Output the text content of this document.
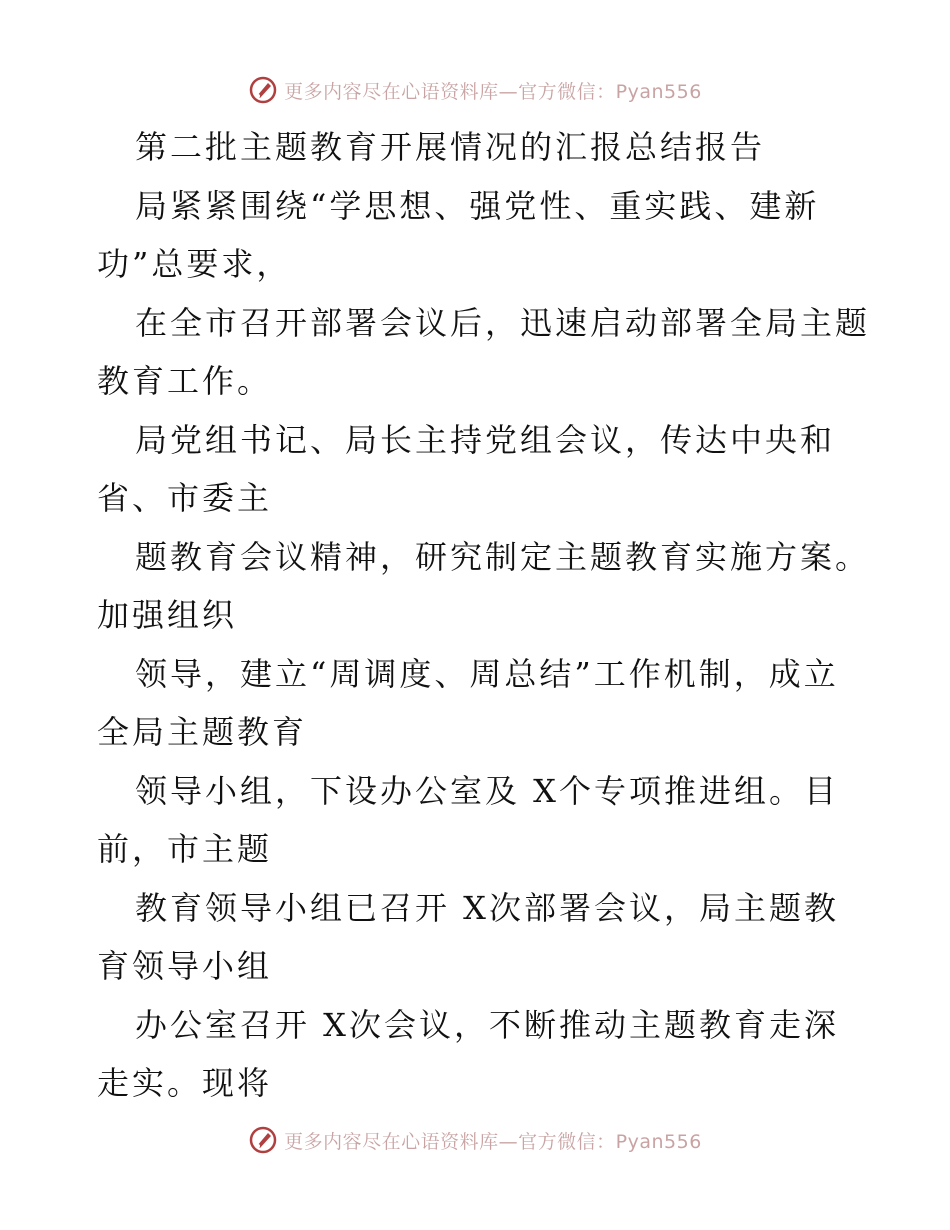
更多内容尽在心语资料库—官方微信：Pyan556
第二批主题教育开展情况的汇报总结报告
局紧紧围绕“学思想、强党性、重实践、建新
功”总要求，
在全市召开部署会议后，迅速启动部署全局主题
教育工作。
局党组书记、局长主持党组会议，传达中央和
省、市委主
题教育会议精神，研究制定主题教育实施方案。
加强组织
领导，建立“周调度、周总结”工作机制，成立
全局主题教育
领导小组，下设办公室及 X个专项推进组。目
前，市主题
教育领导小组已召开 X次部署会议，局主题教
育领导小组
办公室召开 X次会议，不断推动主题教育走深
走实。现将
更多内容尽在心语资料库—官方微信：Pyan556
